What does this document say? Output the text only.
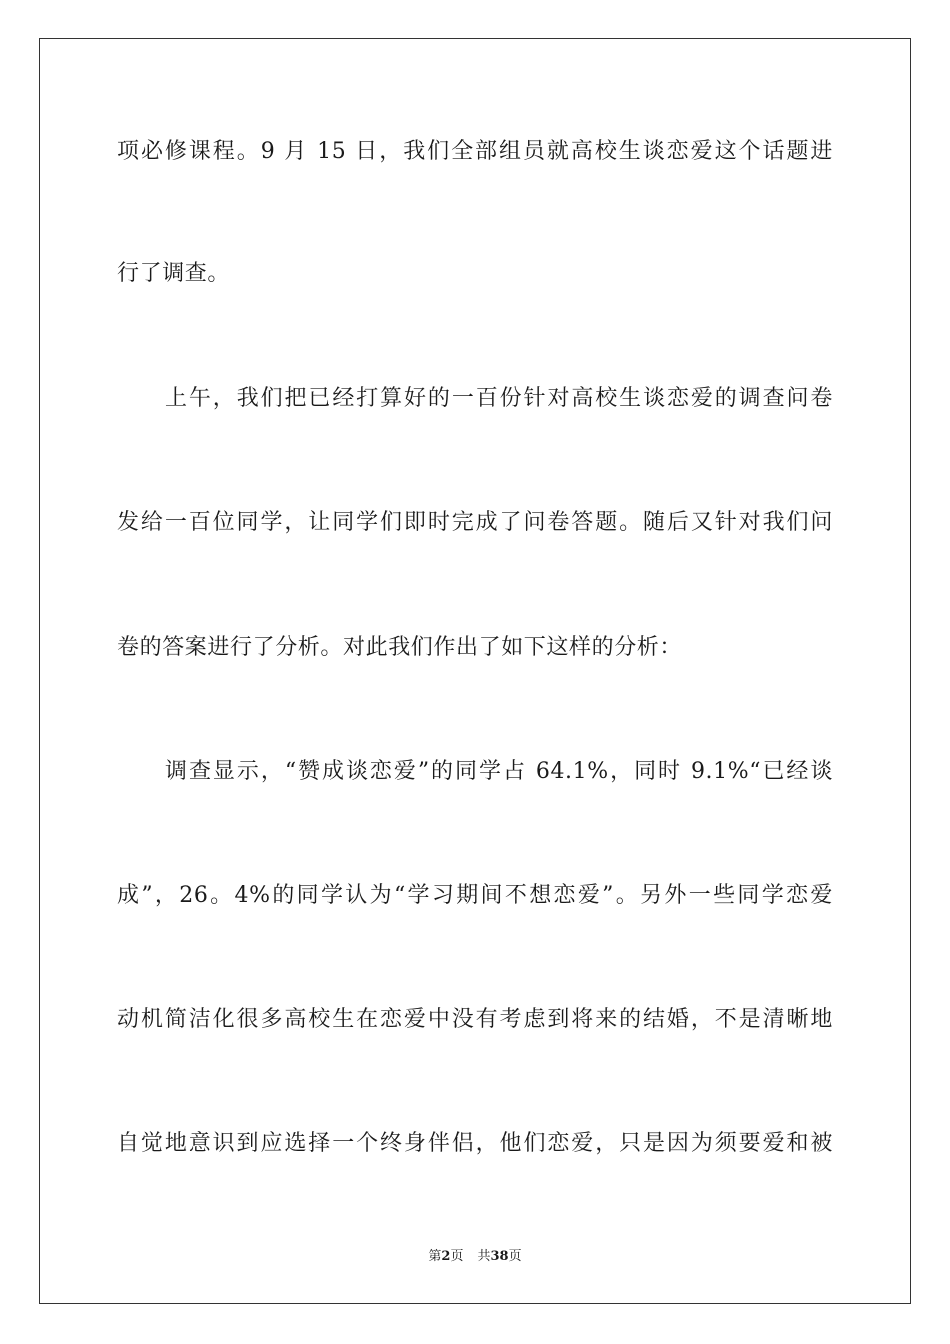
项必修课程。9 月 15 日，我们全部组员就高校生谈恋爱这个话题进
行了调查。
上午，我们把已经打算好的一百份针对高校生谈恋爱的调查问卷
发给一百位同学，让同学们即时完成了问卷答题。随后又针对我们问
卷的答案进行了分析。对此我们作出了如下这样的分析：
调查显示，“赞成谈恋爱”的同学占 64.1%，同时 9.1%“已经谈
成”，26。4%的同学认为“学习期间不想恋爱”。另外一些同学恋爱
动机简洁化很多高校生在恋爱中没有考虑到将来的结婚，不是清晰地
自觉地意识到应选择一个终身伴侣，他们恋爱，只是因为须要爱和被
第2页 共38页
